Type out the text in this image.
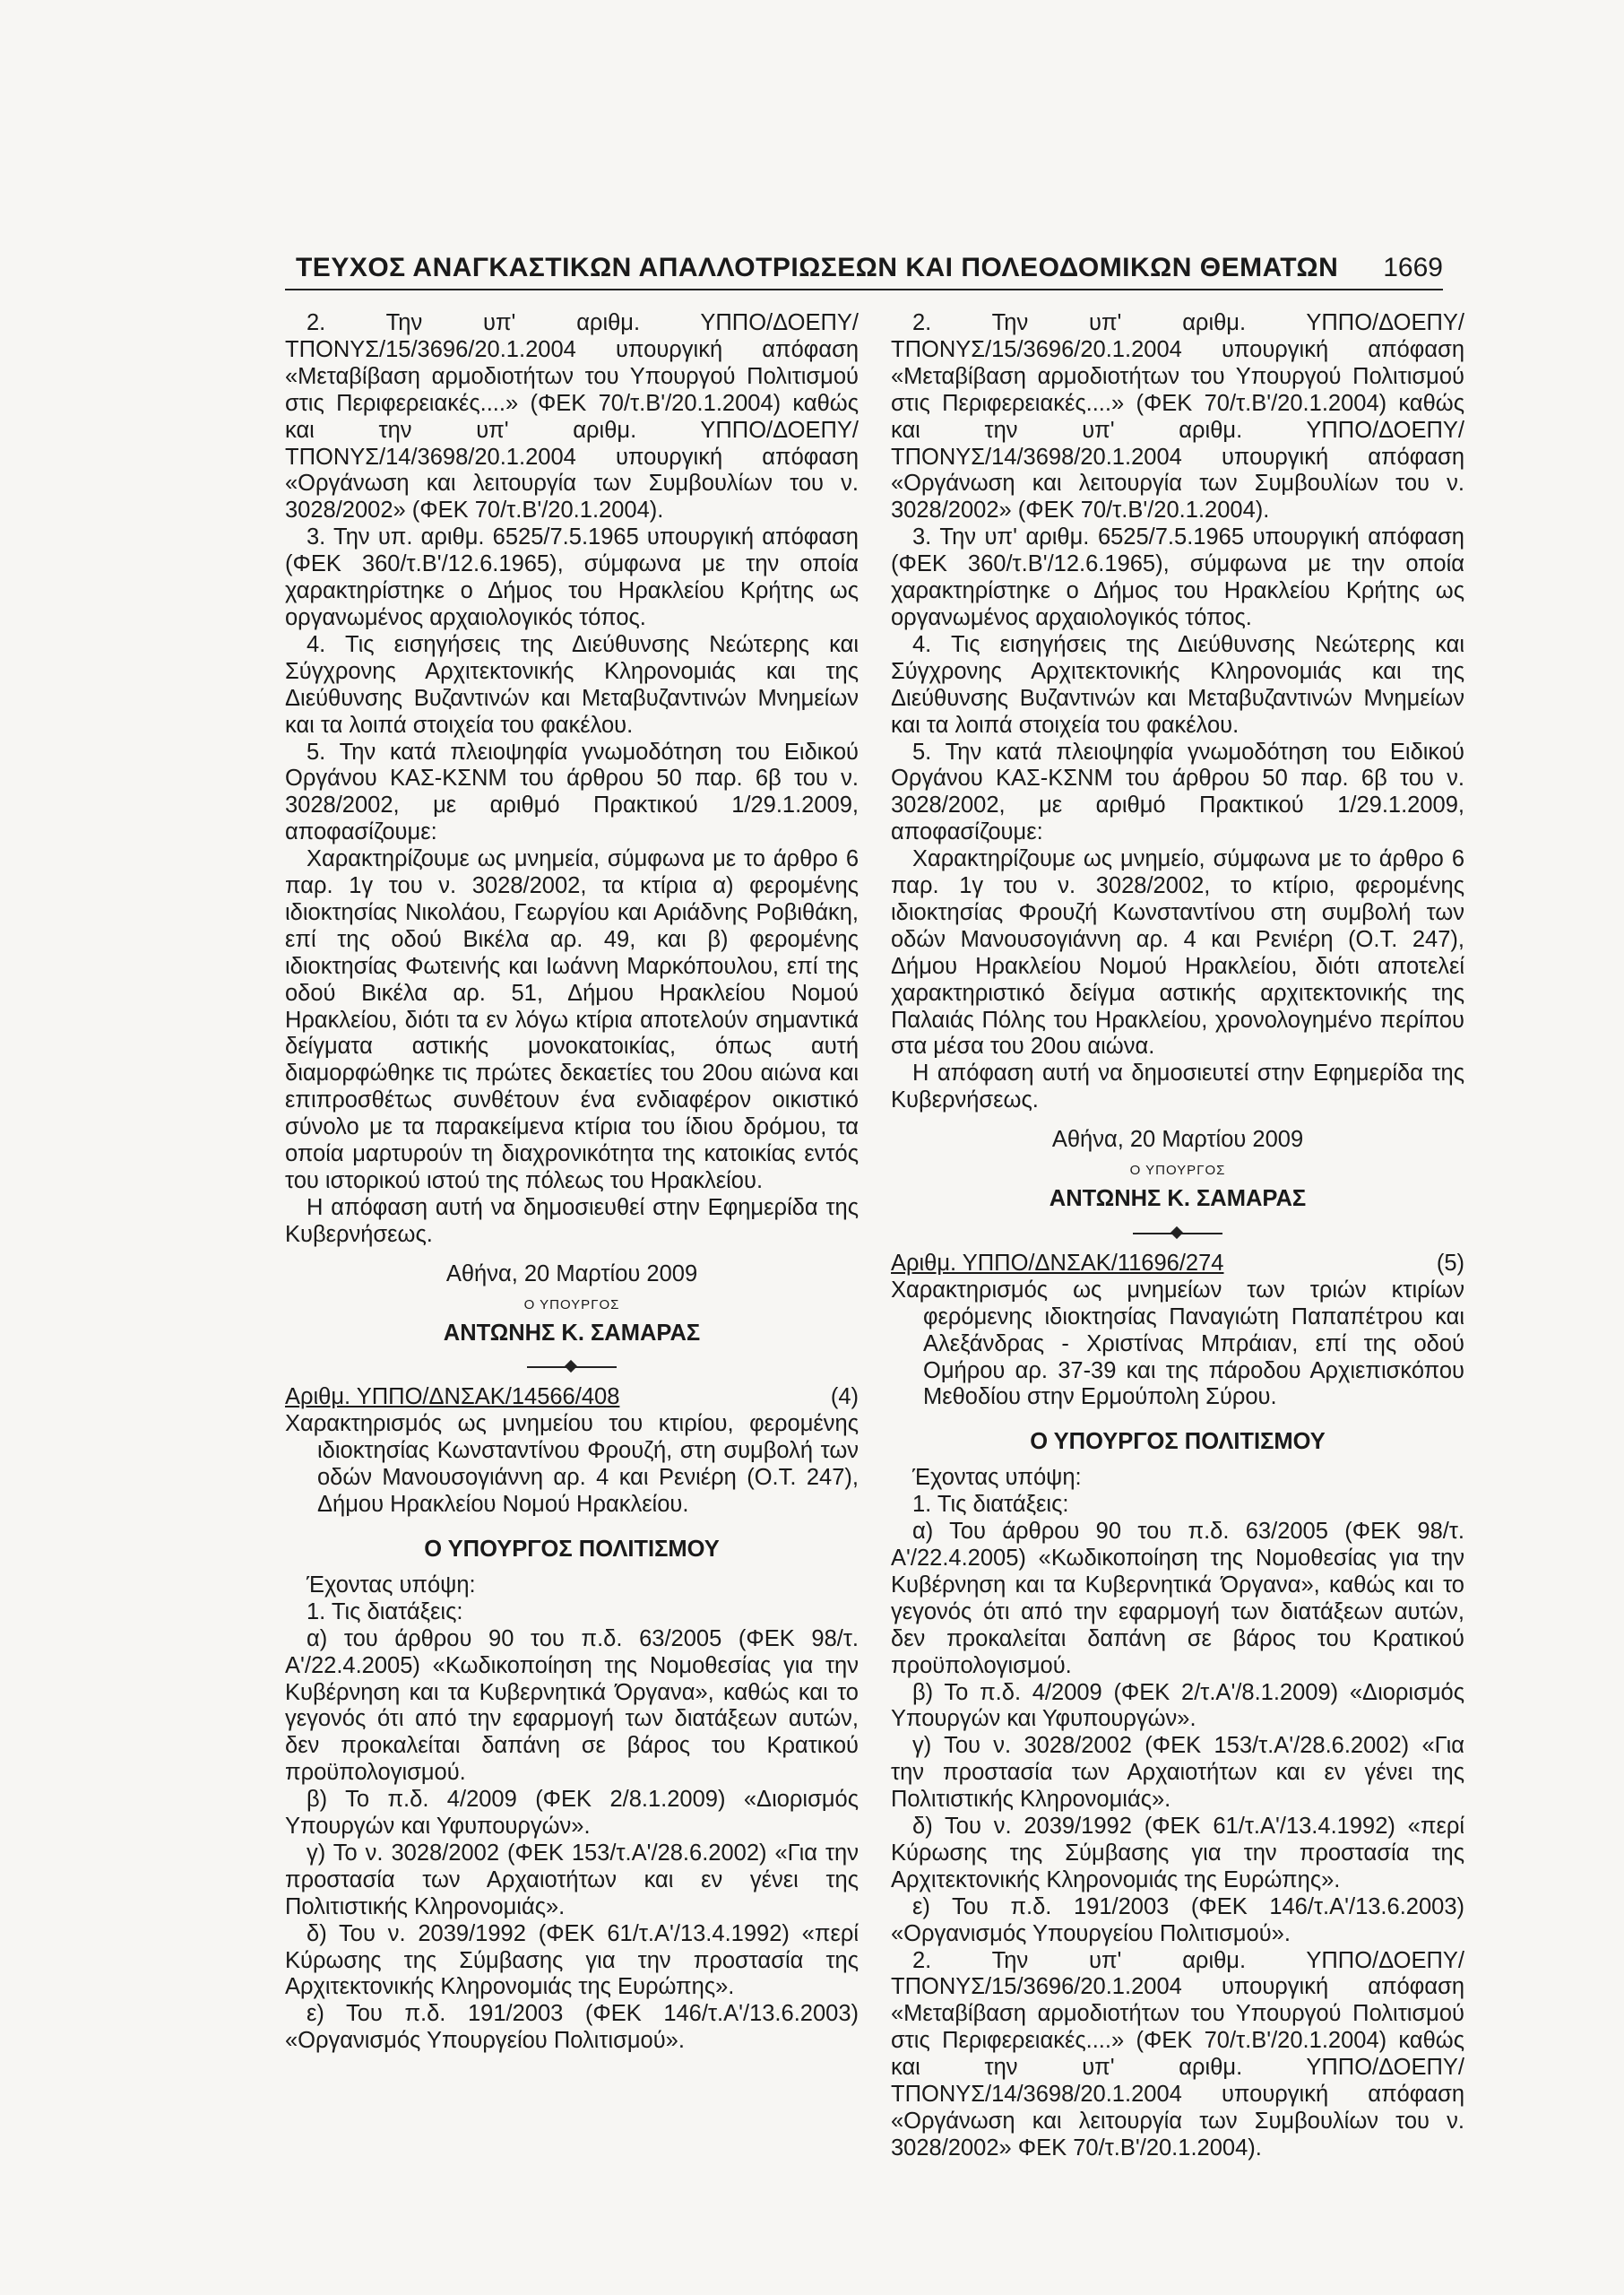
ΤΕΥΧΟΣ ΑΝΑΓΚΑΣΤΙΚΩΝ ΑΠΑΛΛΟΤΡΙΩΣΕΩΝ ΚΑΙ ΠΟΛΕΟΔΟΜΙΚΩΝ ΘΕΜΑΤΩΝ 1669

2. Την υπ' αριθμ. ΥΠΠΟ/ΔΟΕΠΥ/ΤΠΟΝΥΣ/15/3696/20.1.2004 υπουργική απόφαση «Μεταβίβαση αρμοδιοτήτων του Υπουργού Πολιτισμού στις Περιφερειακές....» (ΦΕΚ 70/τ.Β'/20.1.2004) καθώς και την υπ' αριθμ. ΥΠΠΟ/ΔΟΕΠΥ/ΤΠΟΝΥΣ/14/3698/20.1.2004 υπουργική απόφαση «Οργάνωση και λειτουργία των Συμβουλίων του ν. 3028/2002» (ΦΕΚ 70/τ.Β'/20.1.2004).

3. Την υπ. αριθμ. 6525/7.5.1965 υπουργική απόφαση (ΦΕΚ 360/τ.Β'/12.6.1965), σύμφωνα με την οποία χαρακτηρίστηκε ο Δήμος του Ηρακλείου Κρήτης ως οργανωμένος αρχαιολογικός τόπος.

4. Τις εισηγήσεις της Διεύθυνσης Νεώτερης και Σύγχρονης Αρχιτεκτονικής Κληρονομιάς και της Διεύθυνσης Βυζαντινών και Μεταβυζαντινών Μνημείων και τα λοιπά στοιχεία του φακέλου.

5. Την κατά πλειοψηφία γνωμοδότηση του Ειδικού Οργάνου ΚΑΣ-ΚΣΝΜ του άρθρου 50 παρ. 6β του ν. 3028/2002, με αριθμό Πρακτικού 1/29.1.2009, αποφασίζουμε:

Χαρακτηρίζουμε ως μνημεία, σύμφωνα με το άρθρο 6 παρ. 1γ του ν. 3028/2002, τα κτίρια α) φερομένης ιδιοκτησίας Νικολάου, Γεωργίου και Αριάδνης Ροβιθάκη, επί της οδού Βικέλα αρ. 49, και β) φερομένης ιδιοκτησίας Φωτεινής και Ιωάννη Μαρκόπουλου, επί της οδού Βικέλα αρ. 51, Δήμου Ηρακλείου Νομού Ηρακλείου, διότι τα εν λόγω κτίρια αποτελούν σημαντικά δείγματα αστικής μονοκατοικίας, όπως αυτή διαμορφώθηκε τις πρώτες δεκαετίες του 20ου αιώνα και επιπροσθέτως συνθέτουν ένα ενδιαφέρον οικιστικό σύνολο με τα παρακείμενα κτίρια του ίδιου δρόμου, τα οποία μαρτυρούν τη διαχρονικότητα της κατοικίας εντός του ιστορικού ιστού της πόλεως του Ηρακλείου.

Η απόφαση αυτή να δημοσιευθεί στην Εφημερίδα της Κυβερνήσεως.

Αθήνα, 20 Μαρτίου 2009

Ο ΥΠΟΥΡΓΟΣ

ΑΝΤΩΝΗΣ Κ. ΣΑΜΑΡΑΣ

Αριθμ. ΥΠΠΟ/ΔΝΣΑΚ/14566/408	(4)

Χαρακτηρισμός ως μνημείου του κτιρίου, φερομένης ιδιοκτησίας Κωνσταντίνου Φρουζή, στη συμβολή των οδών Μανουσογιάννη αρ. 4 και Ρενιέρη (Ο.Τ. 247), Δήμου Ηρακλείου Νομού Ηρακλείου.

Ο ΥΠΟΥΡΓΟΣ ΠΟΛΙΤΙΣΜΟΥ

Έχοντας υπόψη:

1. Τις διατάξεις:

α) του άρθρου 90 του π.δ. 63/2005 (ΦΕΚ 98/τ. Α'/22.4.2005) «Κωδικοποίηση της Νομοθεσίας για την Κυβέρνηση και τα Κυβερνητικά Όργανα», καθώς και το γεγονός ότι από την εφαρμογή των διατάξεων αυτών, δεν προκαλείται δαπάνη σε βάρος του Κρατικού προϋπολογισμού.

β) Το π.δ. 4/2009 (ΦΕΚ 2/8.1.2009) «Διορισμός Υπουργών και Υφυπουργών».

γ) Το ν. 3028/2002 (ΦΕΚ 153/τ.Α'/28.6.2002) «Για την προστασία των Αρχαιοτήτων και εν γένει της Πολιτιστικής Κληρονομιάς».

δ) Του ν. 2039/1992 (ΦΕΚ 61/τ.Α'/13.4.1992) «περί Κύρωσης της Σύμβασης για την προστασία της Αρχιτεκτονικής Κληρονομιάς της Ευρώπης».

ε) Του π.δ. 191/2003 (ΦΕΚ 146/τ.Α'/13.6.2003) «Οργανισμός Υπουργείου Πολιτισμού».

2. Την υπ' αριθμ. ΥΠΠΟ/ΔΟΕΠΥ/ΤΠΟΝΥΣ/15/3696/20.1.2004 υπουργική απόφαση «Μεταβίβαση αρμοδιοτήτων του Υπουργού Πολιτισμού στις Περιφερειακές....» (ΦΕΚ 70/τ.Β'/20.1.2004) καθώς και την υπ' αριθμ. ΥΠΠΟ/ΔΟΕΠΥ/ΤΠΟΝΥΣ/14/3698/20.1.2004 υπουργική απόφαση «Οργάνωση και λειτουργία των Συμβουλίων του ν. 3028/2002» (ΦΕΚ 70/τ.Β'/20.1.2004).

3. Την υπ' αριθμ. 6525/7.5.1965 υπουργική απόφαση (ΦΕΚ 360/τ.Β'/12.6.1965), σύμφωνα με την οποία χαρακτηρίστηκε ο Δήμος του Ηρακλείου Κρήτης ως οργανωμένος αρχαιολογικός τόπος.

4. Τις εισηγήσεις της Διεύθυνσης Νεώτερης και Σύγχρονης Αρχιτεκτονικής Κληρονομιάς και της Διεύθυνσης Βυζαντινών και Μεταβυζαντινών Μνημείων και τα λοιπά στοιχεία του φακέλου.

5. Την κατά πλειοψηφία γνωμοδότηση του Ειδικού Οργάνου ΚΑΣ-ΚΣΝΜ του άρθρου 50 παρ. 6β του ν. 3028/2002, με αριθμό Πρακτικού 1/29.1.2009, αποφασίζουμε:

Χαρακτηρίζουμε ως μνημείο, σύμφωνα με το άρθρο 6 παρ. 1γ του ν. 3028/2002, το κτίριο, φερομένης ιδιοκτησίας Φρουζή Κωνσταντίνου στη συμβολή των οδών Μανουσογιάννη αρ. 4 και Ρενιέρη (Ο.Τ. 247), Δήμου Ηρακλείου Νομού Ηρακλείου, διότι αποτελεί χαρακτηριστικό δείγμα αστικής αρχιτεκτονικής της Παλαιάς Πόλης του Ηρακλείου, χρονολογημένο περίπου στα μέσα του 20ου αιώνα.

Η απόφαση αυτή να δημοσιευτεί στην Εφημερίδα της Κυβερνήσεως.

Αθήνα, 20 Μαρτίου 2009

Ο ΥΠΟΥΡΓΟΣ

ΑΝΤΩΝΗΣ Κ. ΣΑΜΑΡΑΣ

Αριθμ. ΥΠΠΟ/ΔΝΣΑΚ/11696/274	(5)

Χαρακτηρισμός ως μνημείων των τριών κτιρίων φερόμενης ιδιοκτησίας Παναγιώτη Παπαπέτρου και Αλεξάνδρας - Χριστίνας Μπράιαν, επί της οδού Ομήρου αρ. 37-39 και της πάροδου Αρχιεπισκόπου Μεθοδίου στην Ερμούπολη Σύρου.

Ο ΥΠΟΥΡΓΟΣ ΠΟΛΙΤΙΣΜΟΥ

Έχοντας υπόψη:

1. Τις διατάξεις:

α) Του άρθρου 90 του π.δ. 63/2005 (ΦΕΚ 98/τ. Α'/22.4.2005) «Κωδικοποίηση της Νομοθεσίας για την Κυβέρνηση και τα Κυβερνητικά Όργανα», καθώς και το γεγονός ότι από την εφαρμογή των διατάξεων αυτών, δεν προκαλείται δαπάνη σε βάρος του Κρατικού προϋπολογισμού.

β) Το π.δ. 4/2009 (ΦΕΚ 2/τ.Α'/8.1.2009) «Διορισμός Υπουργών και Υφυπουργών».

γ) Του ν. 3028/2002 (ΦΕΚ 153/τ.Α'/28.6.2002) «Για την προστασία των Αρχαιοτήτων και εν γένει της Πολιτιστικής Κληρονομιάς».

δ) Του ν. 2039/1992 (ΦΕΚ 61/τ.Α'/13.4.1992) «περί Κύρωσης της Σύμβασης για την προστασία της Αρχιτεκτονικής Κληρονομιάς της Ευρώπης».

ε) Του π.δ. 191/2003 (ΦΕΚ 146/τ.Α'/13.6.2003) «Οργανισμός Υπουργείου Πολιτισμού».

2. Την υπ' αριθμ. ΥΠΠΟ/ΔΟΕΠΥ/ΤΠΟΝΥΣ/15/3696/20.1.2004 υπουργική απόφαση «Μεταβίβαση αρμοδιοτήτων του Υπουργού Πολιτισμού στις Περιφερειακές....» (ΦΕΚ 70/τ.Β'/20.1.2004) καθώς και την υπ' αριθμ. ΥΠΠΟ/ΔΟΕΠΥ/ΤΠΟΝΥΣ/14/3698/20.1.2004 υπουργική απόφαση «Οργάνωση και λειτουργία των Συμβουλίων του ν. 3028/2002» ΦΕΚ 70/τ.Β'/20.1.2004).
